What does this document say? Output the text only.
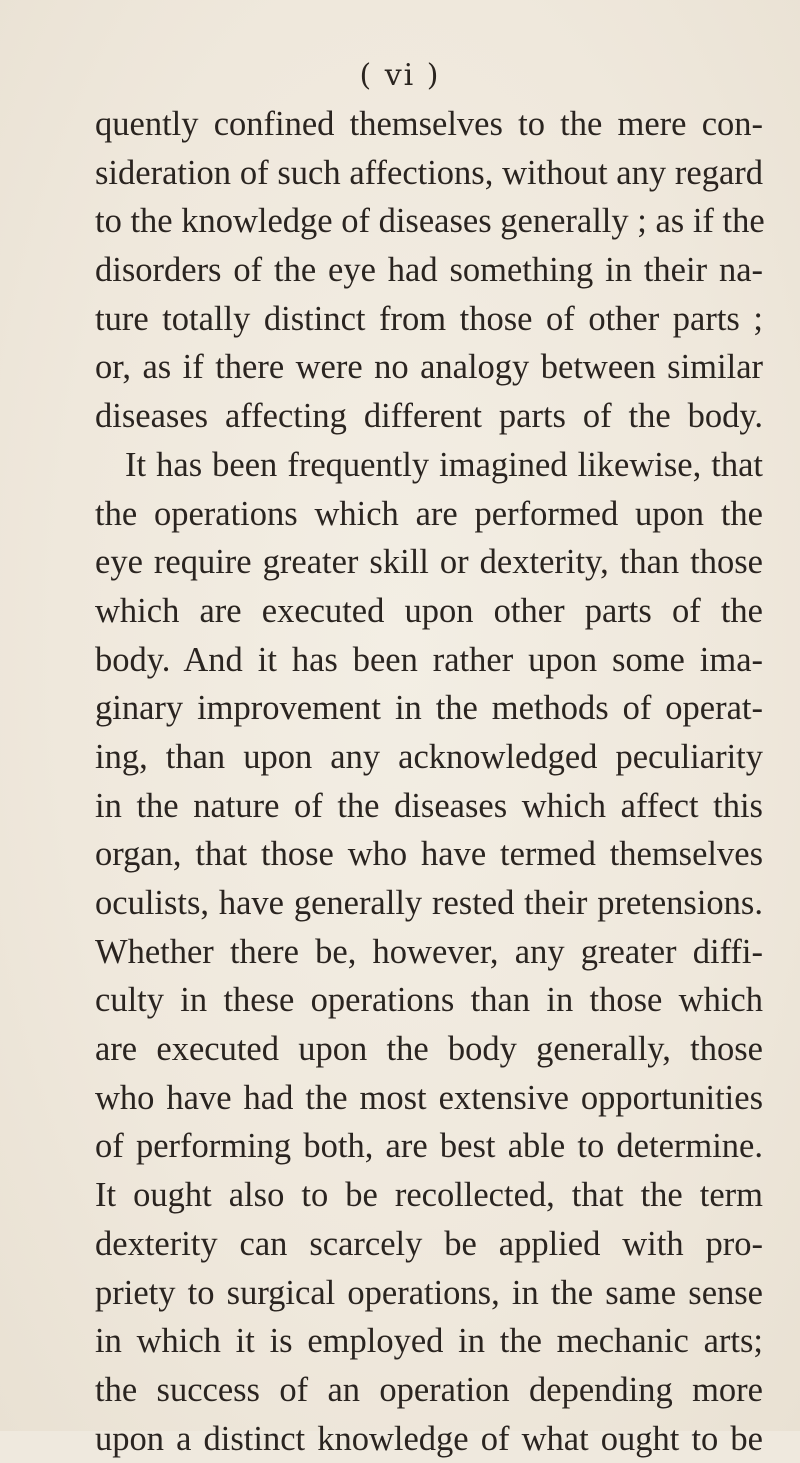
( vi )
quently confined themselves to the mere con-
sideration of such affections, without any regard
to the knowledge of diseases generally ; as if the
disorders of the eye had something in their na-
ture totally distinct from those of other parts ;
or, as if there were no analogy between similar
diseases affecting different parts of the body.
It has been frequently imagined likewise, that
the operations which are performed upon the
eye require greater skill or dexterity, than those
which are executed upon other parts of the
body. And it has been rather upon some ima-
ginary improvement in the methods of operat-
ing, than upon any acknowledged peculiarity
in the nature of the diseases which affect this
organ, that those who have termed themselves
oculists, have generally rested their pretensions.
Whether there be, however, any greater diffi-
culty in these operations than in those which
are executed upon the body generally, those
who have had the most extensive opportunities
of performing both, are best able to determine.
It ought also to be recollected, that the term
dexterity can scarcely be applied with pro-
priety to surgical operations, in the same sense
in which it is employed in the mechanic arts;
the success of an operation depending more
upon a distinct knowledge of what ought to be
